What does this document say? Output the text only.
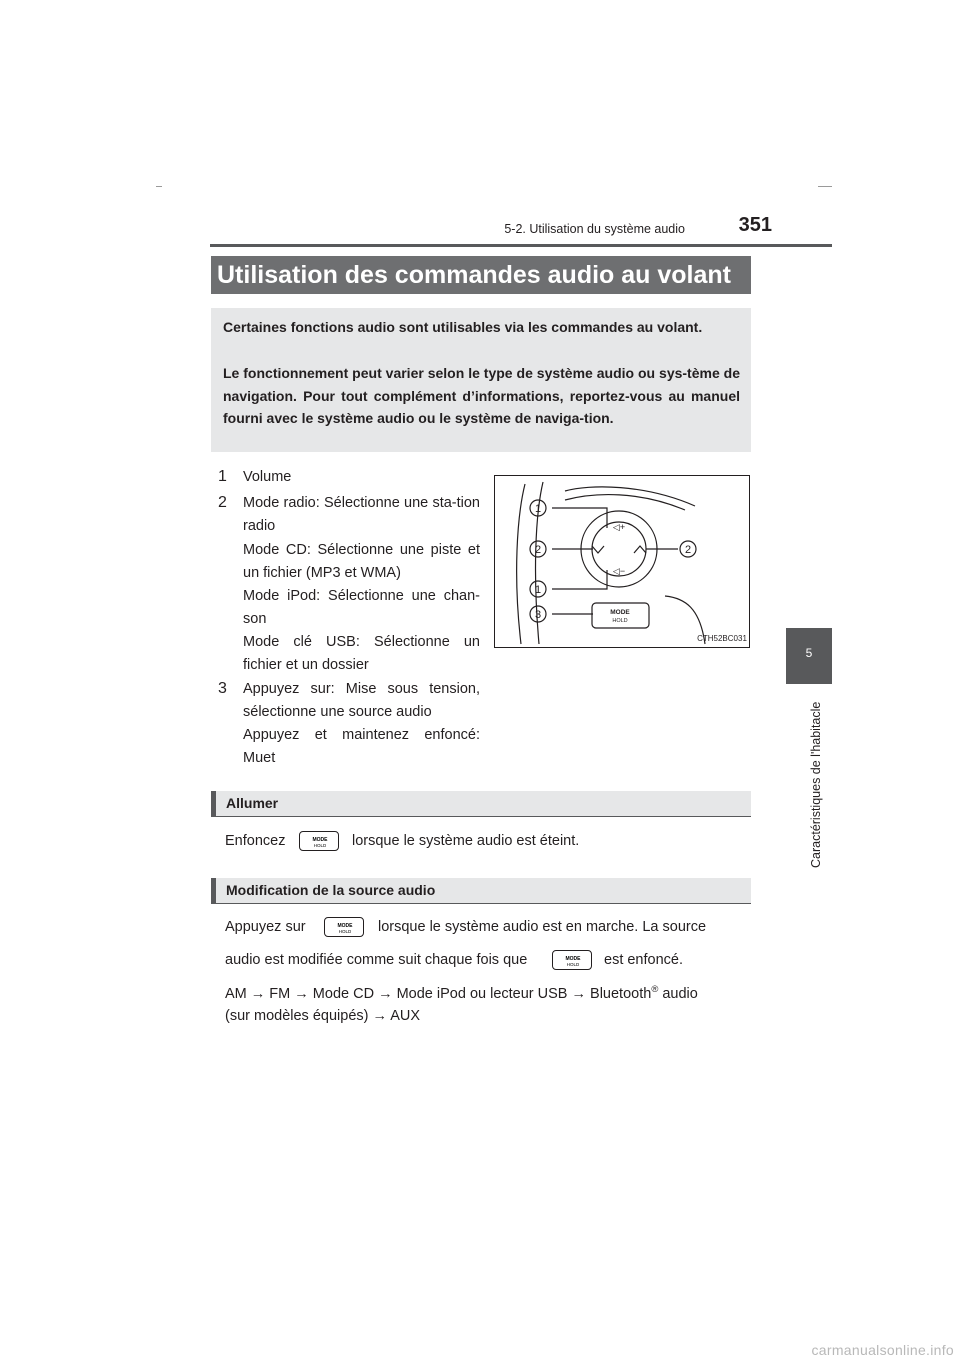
5-2. Utilisation du système audio	351
5
Caractéristiques de l'habitacle
Utilisation des commandes audio au volant

Certaines fonctions audio sont utilisables via les commandes au volant.

Le fonctionnement peut varier selon le type de système audio ou sys-tème de navigation. Pour tout complément d’informations, reportez-vous au manuel fourni avec le système audio ou le système de naviga-tion.

1	Volume
2	Mode radio: Sélectionne une sta-tion radio
Mode CD: Sélectionne une piste et un fichier (MP3 et WMA)
Mode iPod: Sélectionne une chan-son
Mode clé USB: Sélectionne un fichier et un dossier
3	Appuyez sur: Mise sous tension, sélectionne une source audio
Appuyez et maintenez enfoncé: Muet
◁+
◁−
1
2	2
1
3	MODE
HOLD
CTH52BC031
Allumer
Enfoncez	MODE
HOLD lorsque le système audio est éteint.
Modification de la source audio
Appuyez sur	MODE
HOLD lorsque le système audio est en marche. La source
audio est modifiée comme suit chaque fois que	MODE
HOLD est enfoncé.
AM → FM → Mode CD → Mode iPod ou lecteur USB → Bluetooth® audio
(sur modèles équipés) → AUX
carmanualsonline.info
